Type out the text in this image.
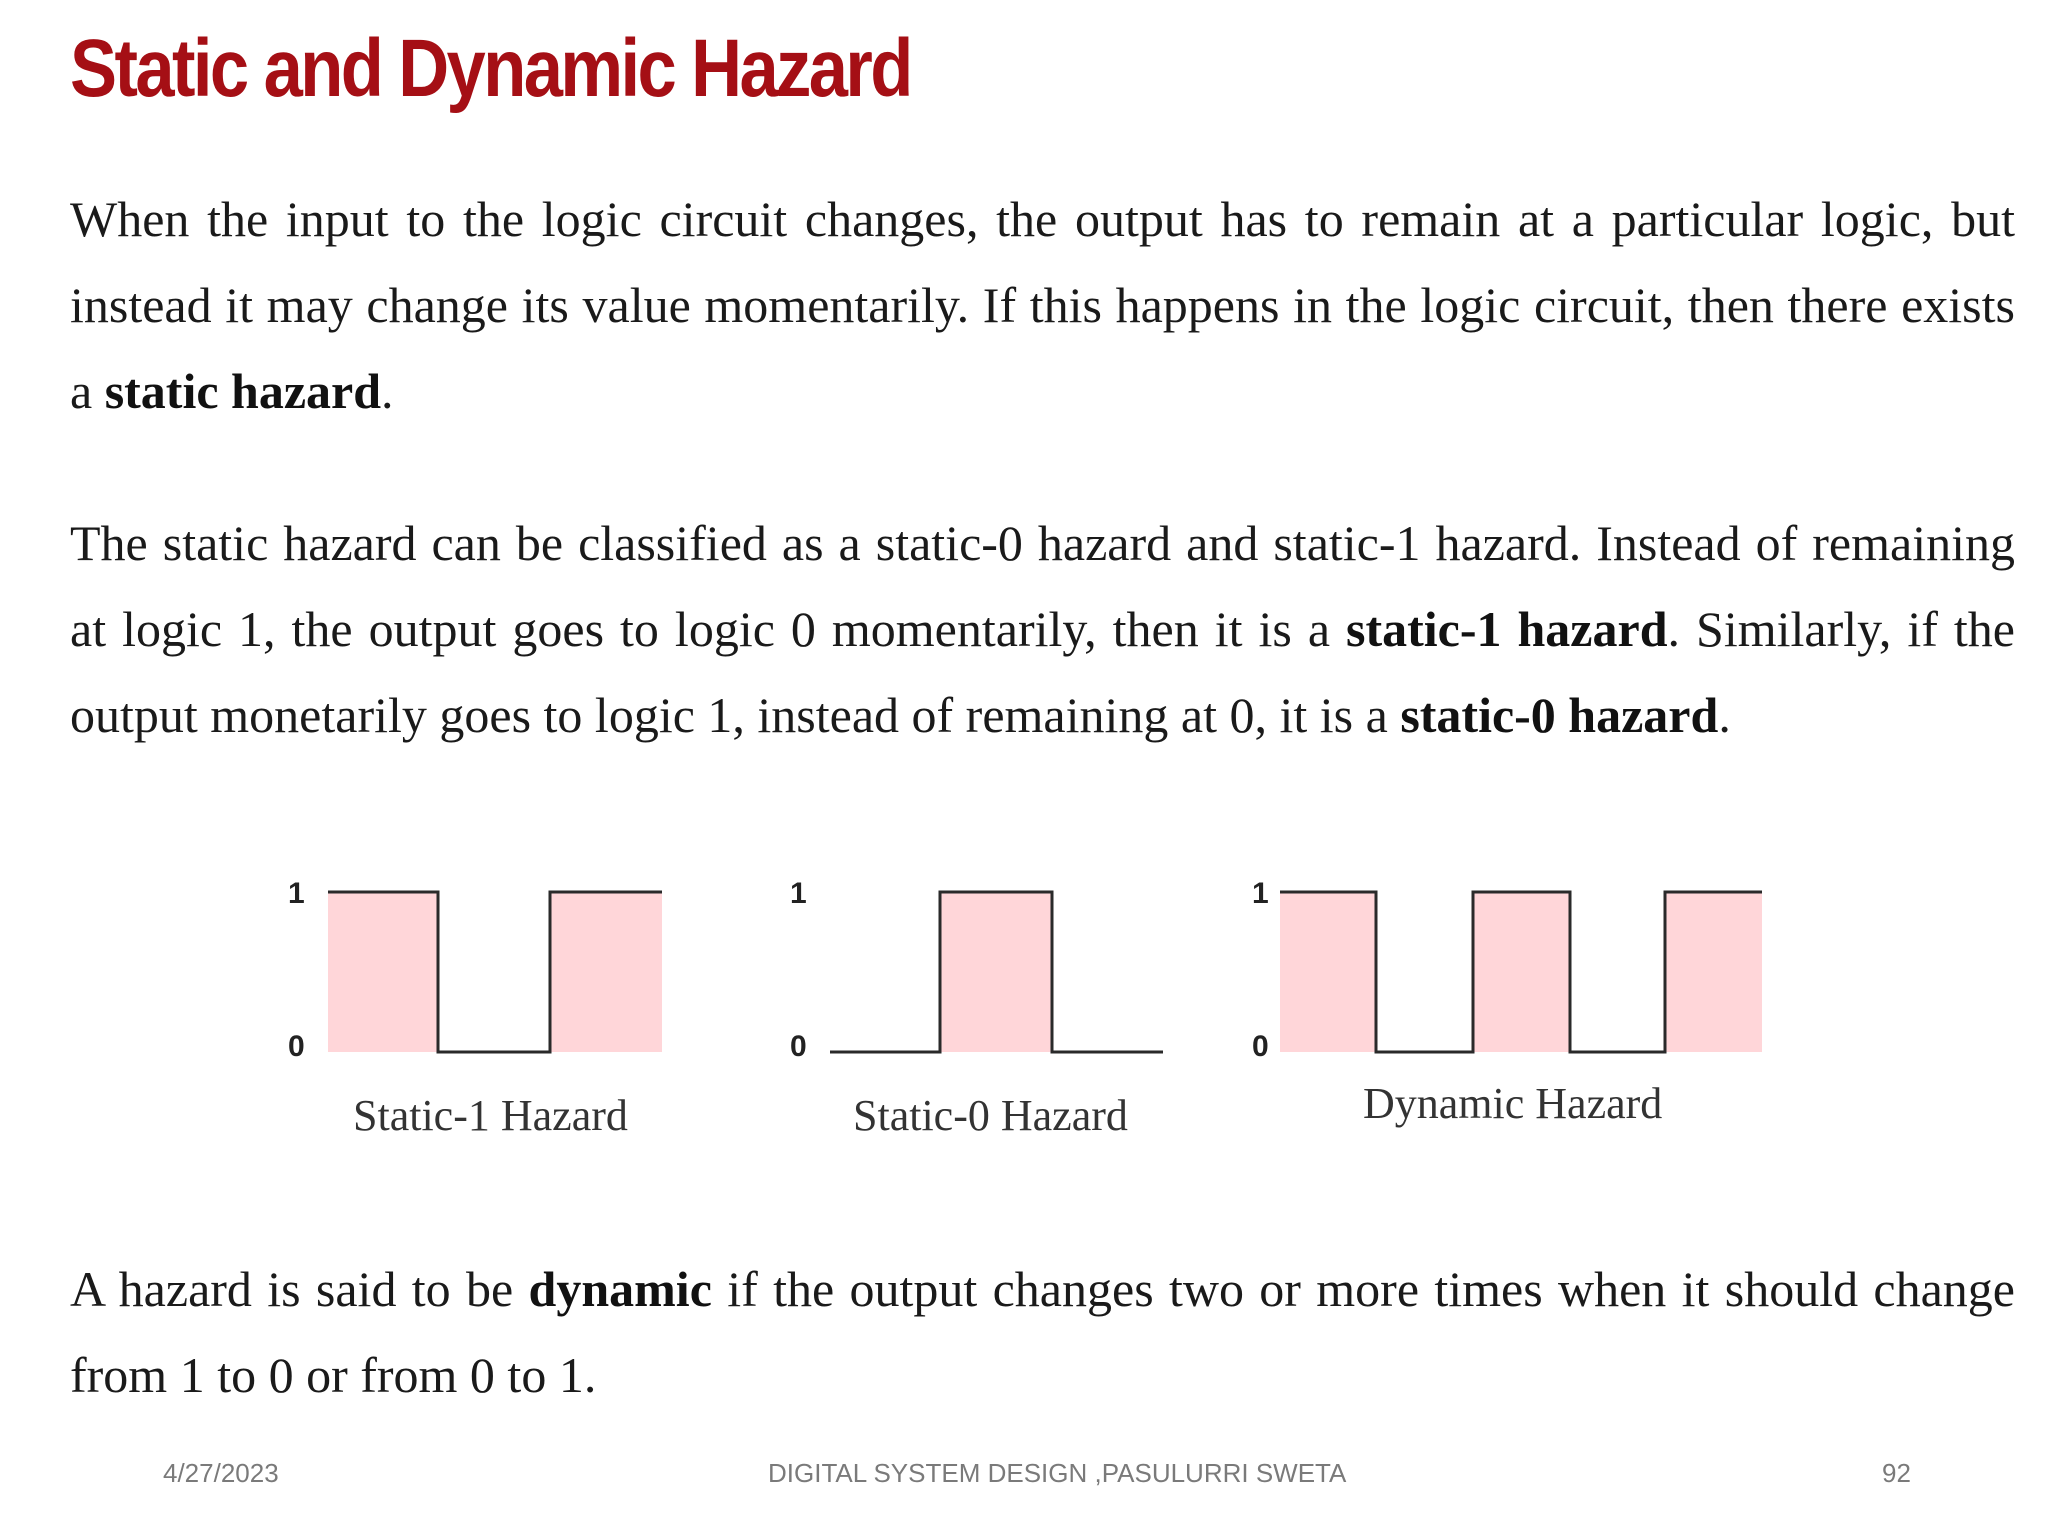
Static and Dynamic Hazard

When the input to the logic circuit changes, the output has to remain at a particular logic, but instead it may change its value momentarily. If this happens in the logic circuit, then there exists a static hazard.

The static hazard can be classified as a static-0 hazard and static-1 hazard. Instead of remaining at logic 1, the output goes to logic 0 momentarily, then it is a static-1 hazard. Similarly, if the output monetarily goes to logic 1, instead of remaining at 0, it is a static-0 hazard.

1
0
Static-1 Hazard
1
0
Static-0 Hazard
1
0
Dynamic Hazard

A hazard is said to be dynamic if the output changes two or more times when it should change from 1 to 0 or from 0 to 1.

4/27/2023	DIGITAL SYSTEM DESIGN ,PASULURRI SWETA	92
